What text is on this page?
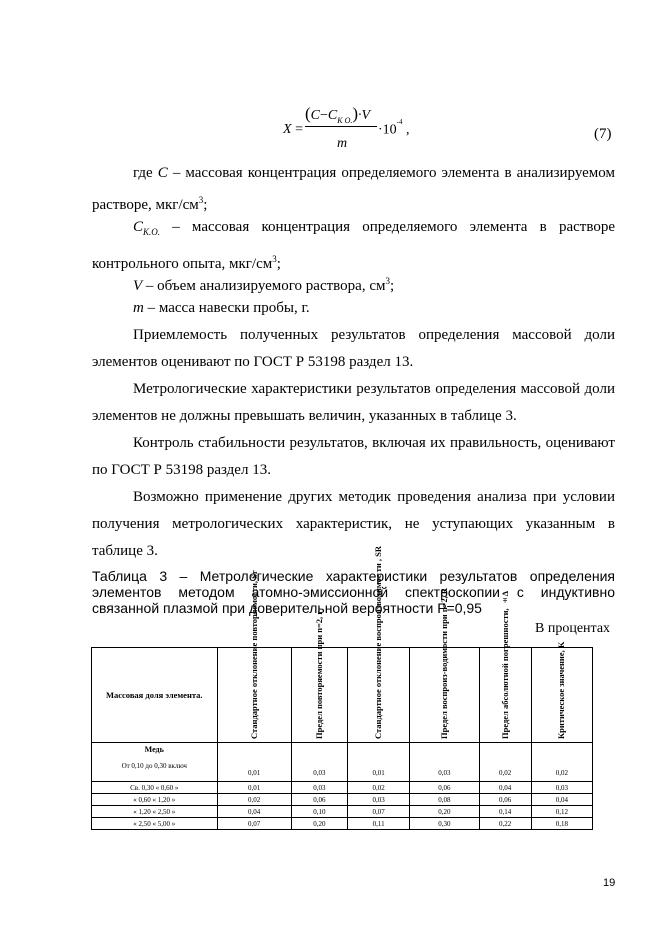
X =
$(C-C_{К О.})\cdot V$
m
$\cdot 10^{-4}$ ,	(7)
где C – массовая концентрация определяемого элемента в анализируемом растворе, мкг/$см^3$;
$C_{К.О.}$ – массовая концентрация определяемого элемента в растворе контрольного опыта, мкг/$см^3$;
V – объем анализируемого раствора, $см^3$;
m – масса навески пробы, г.
Приемлемость полученных результатов определения массовой доли элементов оценивают по ГОСТ Р 53198 раздел 13.
Метрологические характеристики результатов определения массовой доли элементов не должны превышать величин, указанных в таблице 3.
Контроль стабильности результатов, включая их правильность, оценивают по ГОСТ Р 53198 раздел 13.
Возможно применение других методик проведения анализа при условии получения метрологических характеристик, не уступающих указанным в таблице 3.
Таблица 3 – Метрологические характеристики результатов определения элементов методом атомно-эмиссионной спектроскопии с индуктивно связанной плазмой при доверительной вероятности P=0,95
В процентах
Массовая доля элемента.	Стандартное отклонение повторяемости, Sr	Предел повторяемости при n=2, r	Стандартное отклонение воспроизводимос ти , SR	Предел воспроиз-водимости при n=2, R	Предел абсолютной погрешности, ±Δ	Критическое значение, K

Медь
От 0,10 до 0,30 включ	0,01	0,03	0,01	0,03	0,02	0,02
Св. 0,30 « 0,60 »	0,01	0,03	0,02	0,06	0,04	0,03
« 0,60 « 1,20 »	0,02	0,06	0,03	0,08	0,06	0,04
« 1,20 « 2,50 »	0,04	0,10	0,07	0,20	0,14	0,12
« 2,50 « 5,00 »	0,07	0,20	0,11	0,30	0,22	0,18
19
